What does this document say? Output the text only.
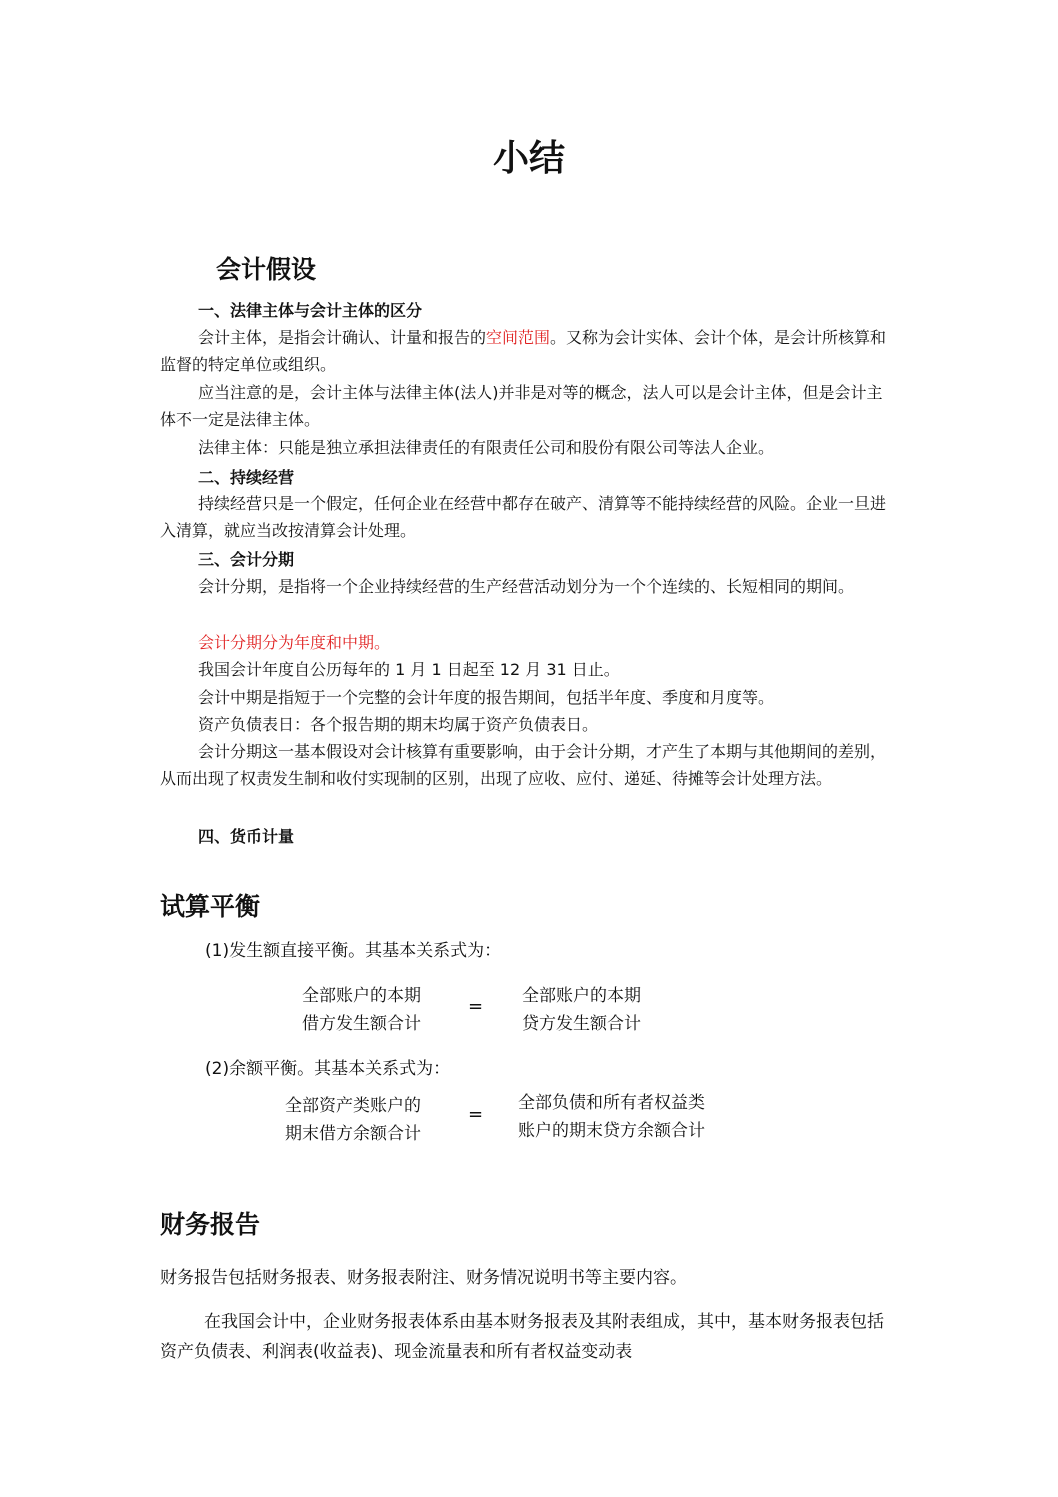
小结
会计假设
一、法律主体与会计主体的区分
会计主体，是指会计确认、计量和报告的空间范围。又称为会计实体、会计个体，是会计所核算和监督的特定单位或组织。
应当注意的是，会计主体与法律主体(法人)并非是对等的概念，法人可以是会计主体，但是会计主体不一定是法律主体。
法律主体：只能是独立承担法律责任的有限责任公司和股份有限公司等法人企业。
二、持续经营
持续经营只是一个假定，任何企业在经营中都存在破产、清算等不能持续经营的风险。企业一旦进入清算，就应当改按清算会计处理。
三、会计分期
会计分期，是指将一个企业持续经营的生产经营活动划分为一个个连续的、长短相同的期间。
会计分期分为年度和中期。
我国会计年度自公历每年的 1 月 1 日起至 12 月 31 日止。
会计中期是指短于一个完整的会计年度的报告期间，包括半年度、季度和月度等。
资产负债表日：各个报告期的期末均属于资产负债表日。
会计分期这一基本假设对会计核算有重要影响，由于会计分期，才产生了本期与其他期间的差别，从而出现了权责发生制和收付实现制的区别，出现了应收、应付、递延、待摊等会计处理方法。
四、货币计量
试算平衡
(1)发生额直接平衡。其基本关系式为：
全部账户的本期
借方发生额合计
= 全部账户的本期
贷方发生额合计
(2)余额平衡。其基本关系式为：
全部资产类账户的
期末借方余额合计
=
全部负债和所有者权益类
账户的期末贷方余额合计
财务报告
财务报告包括财务报表、财务报表附注、财务情况说明书等主要内容。
在我国会计中，企业财务报表体系由基本财务报表及其附表组成，其中，基本财务报表包括资产负债表、利润表(收益表)、现金流量表和所有者权益变动表
